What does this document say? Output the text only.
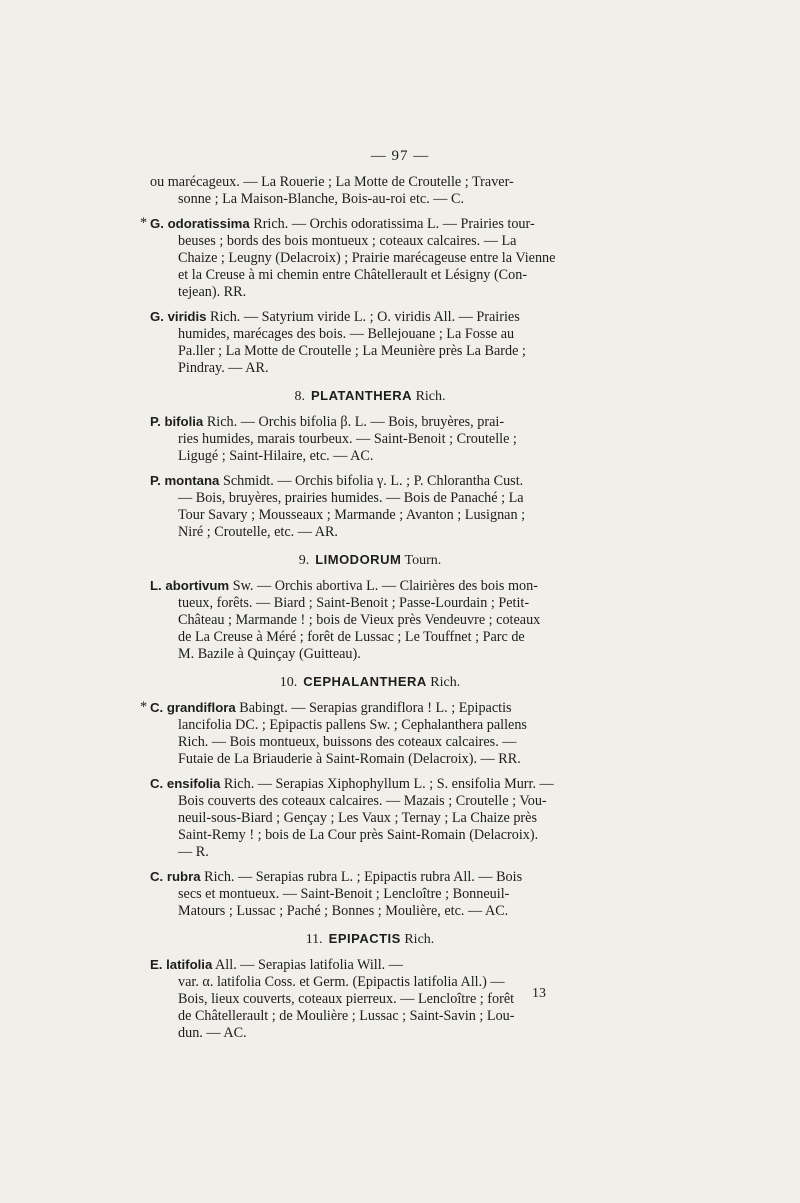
— 97 —
ou marécageux. — La Rouerie ; La Motte de Croutelle ; Traver-
sonne ; La Maison-Blanche, Bois-au-roi etc. — C.
* G. odoratissima Rrich. — Orchis odoratissima L. — Prairies tour-
beuses ; bords des bois montueux ; coteaux calcaires. — La
Chaize ; Leugny (Delacroix) ; Prairie marécageuse entre la Vienne
et la Creuse à mi chemin entre Châtellerault et Lésigny (Con-
tejean). RR.
G. viridis Rich. — Satyrium viride L. ; O. viridis All. — Prairies
humides, marécages des bois. — Bellejouane ; La Fosse au
Pa.ller ; La Motte de Croutelle ; La Meunière près La Barde ;
Pindray. — AR.
8. PLATANTHERA Rich.
P. bifolia Rich. — Orchis bifolia β. L. — Bois, bruyères, prai-
ries humides, marais tourbeux. — Saint-Benoit ; Croutelle ;
Ligugé ; Saint-Hilaire, etc. — AC.
P. montana Schmidt. — Orchis bifolia γ. L. ; P. Chlorantha Cust.
— Bois, bruyères, prairies humides. — Bois de Panaché ; La
Tour Savary ; Mousseaux ; Marmande ; Avanton ; Lusignan ;
Niré ; Croutelle, etc. — AR.
9. LIMODORUM Tourn.
L. abortivum Sw. — Orchis abortiva L. — Clairières des bois mon-
tueux, forêts. — Biard ; Saint-Benoit ; Passe-Lourdain ; Petit-
Château ; Marmande ! ; bois de Vieux près Vendeuvre ; coteaux
de La Creuse à Méré ; forêt de Lussac ; Le Touffnet ; Parc de
M. Bazile à Quinçay (Guitteau).
10. CEPHALANTHERA Rich.
* C. grandiflora Babingt. — Serapias grandiflora ! L. ; Epipactis
lancifolia DC. ; Epipactis pallens Sw. ; Cephalanthera pallens
Rich. — Bois montueux, buissons des coteaux calcaires. —
Futaie de La Briauderie à Saint-Romain (Delacroix). — RR.
C. ensifolia Rich. — Serapias Xiphophyllum L. ; S. ensifolia Murr. —
Bois couverts des coteaux calcaires. — Mazais ; Croutelle ; Vou-
neuil-sous-Biard ; Gençay ; Les Vaux ; Ternay ; La Chaize près
Saint-Remy ! ; bois de La Cour près Saint-Romain (Delacroix).
— R.
C. rubra Rich. — Serapias rubra L. ; Epipactis rubra All. — Bois
secs et montueux. — Saint-Benoit ; Lencloître ; Bonneuil-
Matours ; Lussac ; Paché ; Bonnes ; Moulière, etc. — AC.
11. EPIPACTIS Rich.
E. latifolia All. — Serapias latifolia Will. —
var. α. latifolia Coss. et Germ. (Epipactis latifolia All.) —
Bois, lieux couverts, coteaux pierreux. — Lencloître ; forêt
de Châtellerault ; de Moulière ; Lussac ; Saint-Savin ; Lou-
dun. — AC.
13
